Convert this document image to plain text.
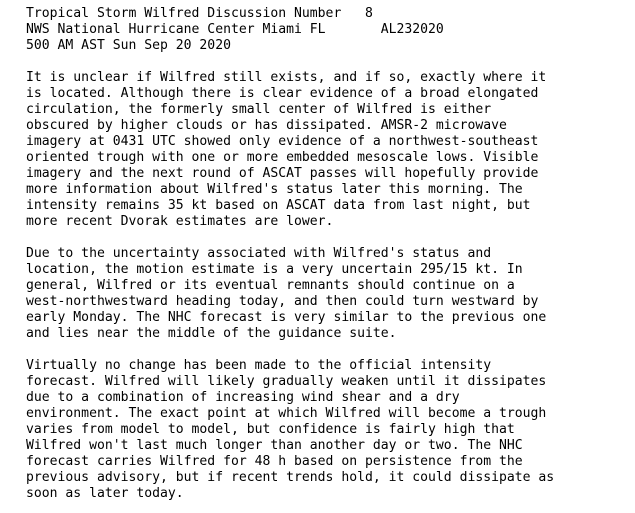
Tropical Storm Wilfred Discussion Number   8
NWS National Hurricane Center Miami FL       AL232020
500 AM AST Sun Sep 20 2020
It is unclear if Wilfred still exists, and if so, exactly where it
is located. Although there is clear evidence of a broad elongated
circulation, the formerly small center of Wilfred is either
obscured by higher clouds or has dissipated. AMSR-2 microwave
imagery at 0431 UTC showed only evidence of a northwest-southeast
oriented trough with one or more embedded mesoscale lows. Visible
imagery and the next round of ASCAT passes will hopefully provide
more information about Wilfred's status later this morning. The
intensity remains 35 kt based on ASCAT data from last night, but
more recent Dvorak estimates are lower.
Due to the uncertainty associated with Wilfred's status and
location, the motion estimate is a very uncertain 295/15 kt. In
general, Wilfred or its eventual remnants should continue on a
west-northwestward heading today, and then could turn westward by
early Monday. The NHC forecast is very similar to the previous one
and lies near the middle of the guidance suite.
Virtually no change has been made to the official intensity
forecast. Wilfred will likely gradually weaken until it dissipates
due to a combination of increasing wind shear and a dry
environment. The exact point at which Wilfred will become a trough
varies from model to model, but confidence is fairly high that
Wilfred won't last much longer than another day or two. The NHC
forecast carries Wilfred for 48 h based on persistence from the
previous advisory, but if recent trends hold, it could dissipate as
soon as later today.
